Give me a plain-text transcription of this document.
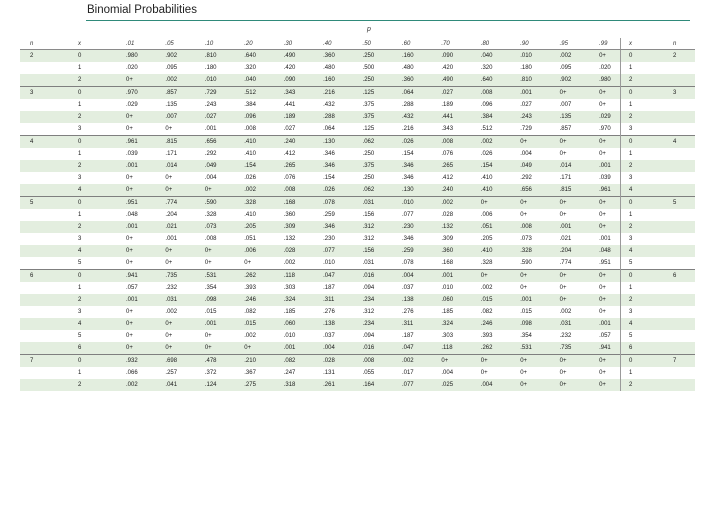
Binomial Probabilities
p
n	x	.01	.05	.10	.20	.30	.40	.50	.60	.70	.80	.90	.95	.99	x	n
2	0	.980	.902	.810	.640	.490	.360	.250	.160	.090	.040	.010	.002	0+	0	2
	1	.020	.095	.180	.320	.420	.480	.500	.480	.420	.320	.180	.095	.020	1	
	2	0+	.002	.010	.040	.090	.160	.250	.360	.490	.640	.810	.902	.980	2	
3	0	.970	.857	.729	.512	.343	.216	.125	.064	.027	.008	.001	0+	0+	0	3
	1	.029	.135	.243	.384	.441	.432	.375	.288	.189	.096	.027	.007	0+	1	
	2	0+	.007	.027	.096	.189	.288	.375	.432	.441	.384	.243	.135	.029	2	
	3	0+	0+	.001	.008	.027	.064	.125	.216	.343	.512	.729	.857	.970	3	
4	0	.961	.815	.656	.410	.240	.130	.062	.026	.008	.002	0+	0+	0+	0	4
	1	.039	.171	.292	.410	.412	.346	.250	.154	.076	.026	.004	0+	0+	1	
	2	.001	.014	.049	.154	.265	.346	.375	.346	.265	.154	.049	.014	.001	2	
	3	0+	0+	.004	.026	.076	.154	.250	.346	.412	.410	.292	.171	.039	3	
	4	0+	0+	0+	.002	.008	.026	.062	.130	.240	.410	.656	.815	.961	4	
5	0	.951	.774	.590	.328	.168	.078	.031	.010	.002	0+	0+	0+	0+	0	5
	1	.048	.204	.328	.410	.360	.259	.156	.077	.028	.006	0+	0+	0+	1	
	2	.001	.021	.073	.205	.309	.346	.312	.230	.132	.051	.008	.001	0+	2	
	3	0+	.001	.008	.051	.132	.230	.312	.346	.309	.205	.073	.021	.001	3	
	4	0+	0+	0+	.006	.028	.077	.156	.259	.360	.410	.328	.204	.048	4	
	5	0+	0+	0+	0+	.002	.010	.031	.078	.168	.328	.590	.774	.951	5	
6	0	.941	.735	.531	.262	.118	.047	.016	.004	.001	0+	0+	0+	0+	0	6
	1	.057	.232	.354	.393	.303	.187	.094	.037	.010	.002	0+	0+	0+	1	
	2	.001	.031	.098	.246	.324	.311	.234	.138	.060	.015	.001	0+	0+	2	
	3	0+	.002	.015	.082	.185	.276	.312	.276	.185	.082	.015	.002	0+	3	
	4	0+	0+	.001	.015	.060	.138	.234	.311	.324	.246	.098	.031	.001	4	
	5	0+	0+	0+	.002	.010	.037	.094	.187	.303	.393	.354	.232	.057	5	
	6	0+	0+	0+	0+	.001	.004	.016	.047	.118	.262	.531	.735	.941	6	
7	0	.932	.698	.478	.210	.082	.028	.008	.002	0+	0+	0+	0+	0+	0	7
	1	.066	.257	.372	.367	.247	.131	.055	.017	.004	0+	0+	0+	0+	1	
	2	.002	.041	.124	.275	.318	.261	.164	.077	.025	.004	0+	0+	0+	2	
